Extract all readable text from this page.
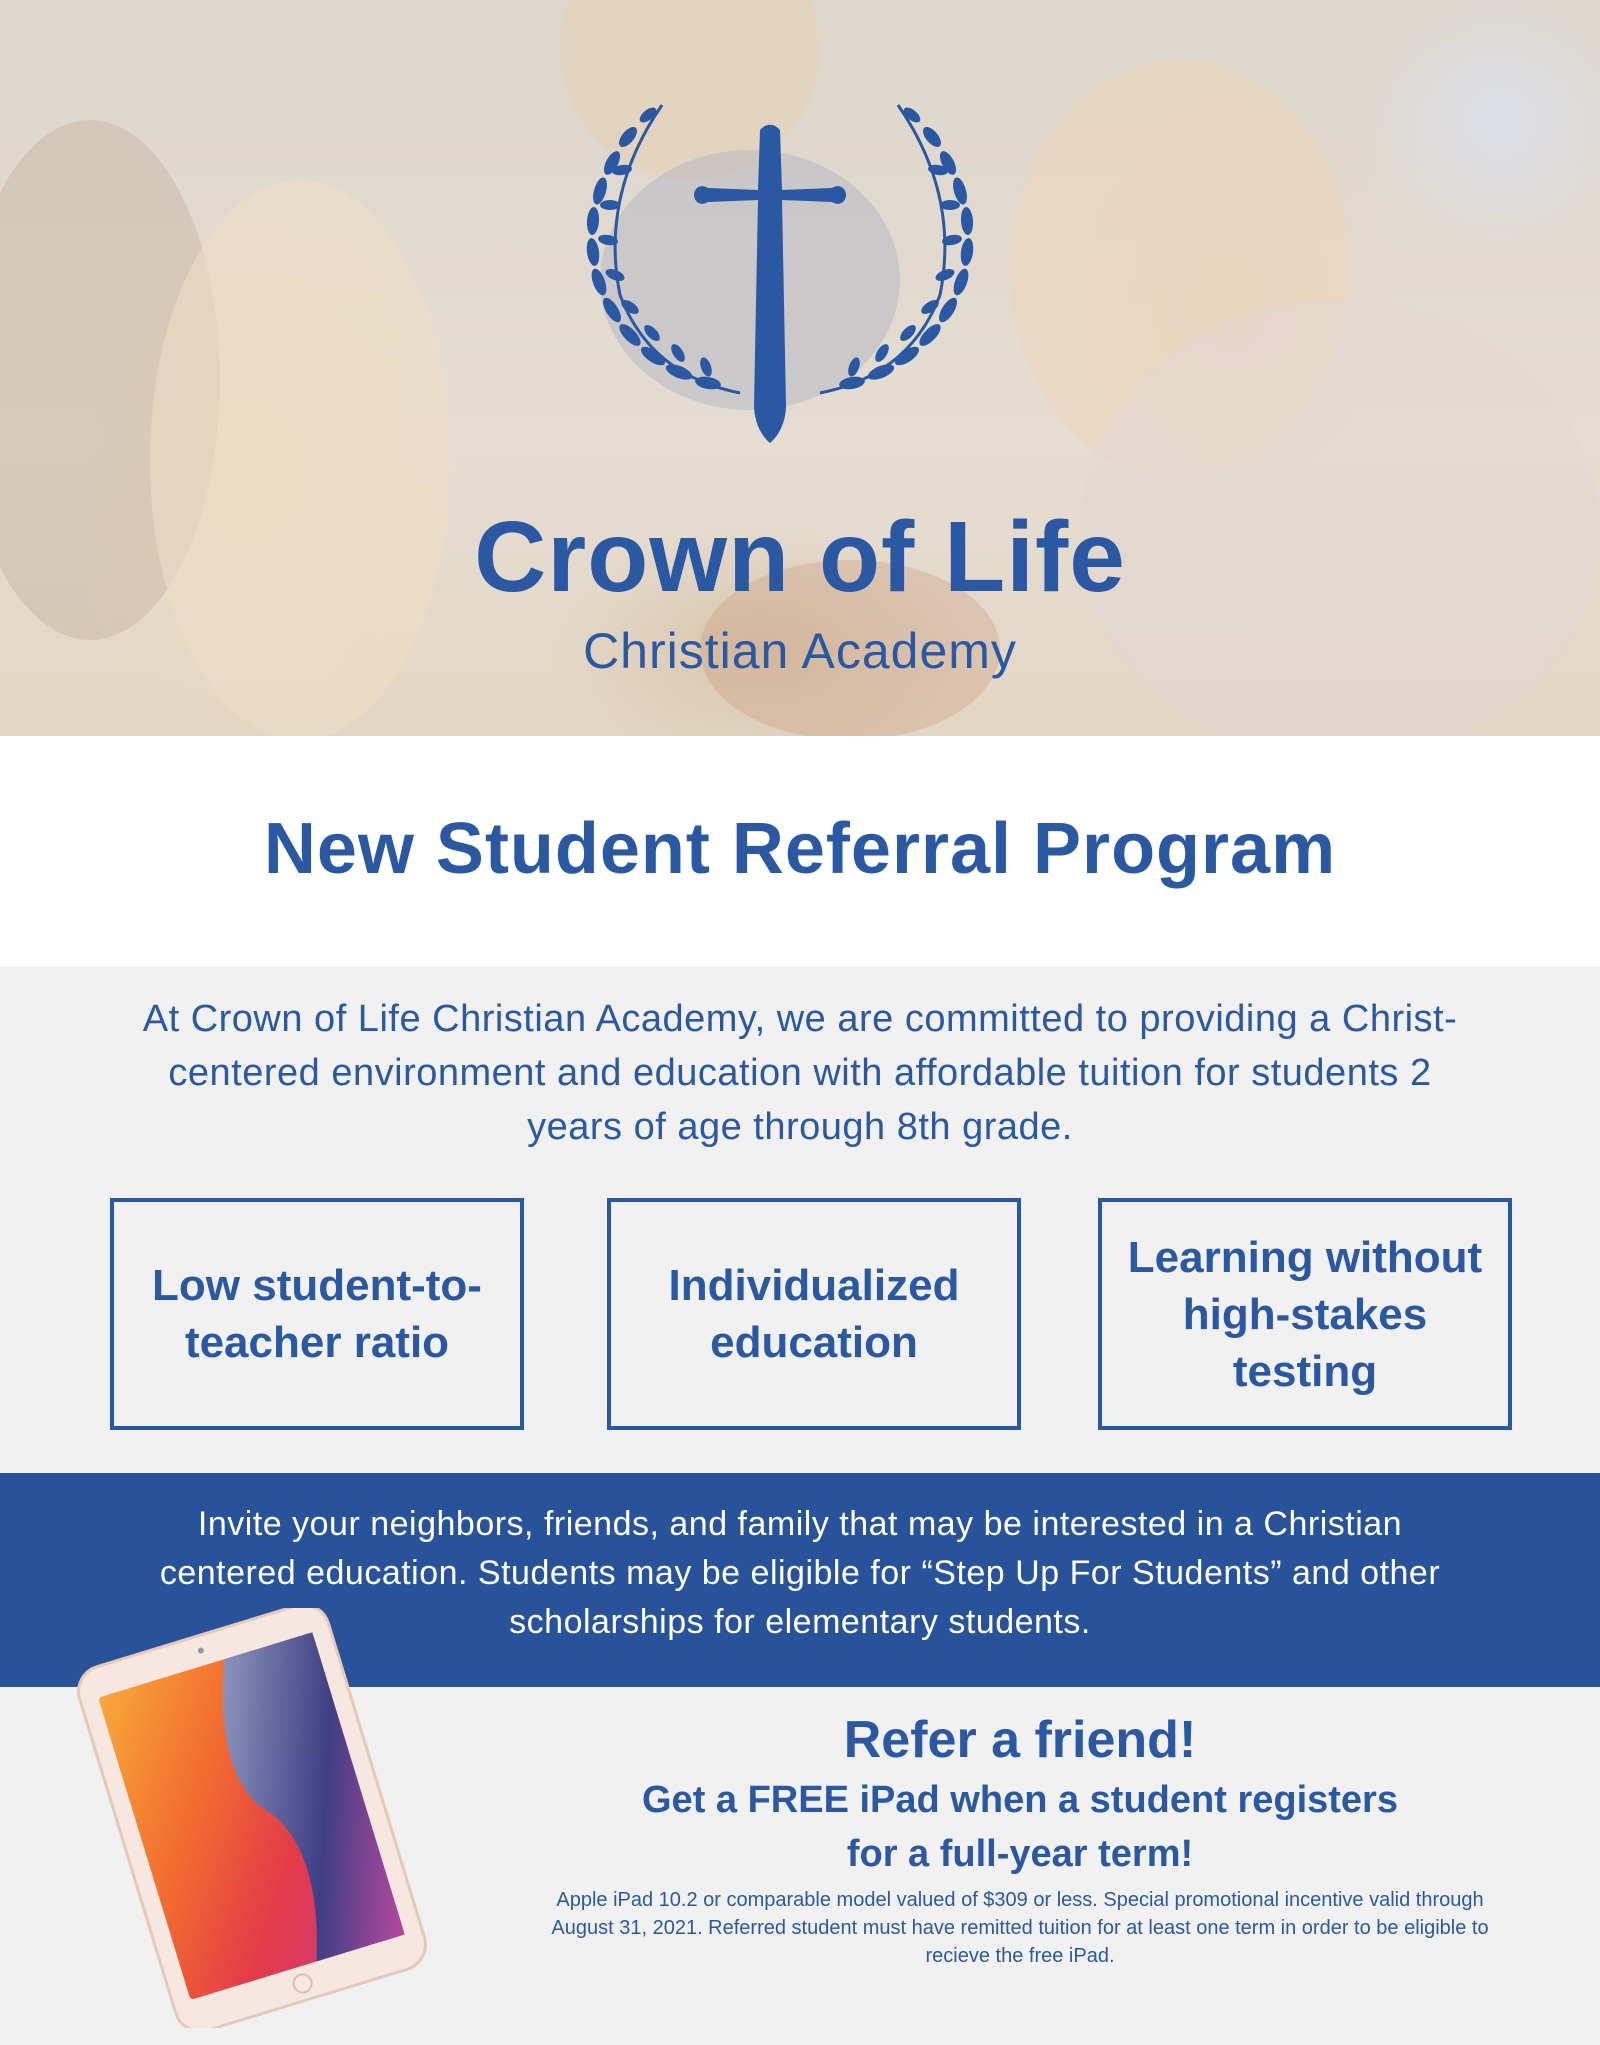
Crown of Life
Christian Academy
New Student Referral Program
At Crown of Life Christian Academy, we are committed to providing a Christ-centered environment and education with affordable tuition for students 2 years of age through 8th grade.
Low student-to-teacher ratio
Individualized education
Learning without high-stakes testing
Invite your neighbors, friends, and family that may be interested in a Christian centered education. Students may be eligible for “Step Up For Students” and other scholarships for elementary students.
Refer a friend!
Get a FREE iPad when a student registers for a full-year term!
Apple iPad 10.2 or comparable model valued of $309 or less. Special promotional incentive valid through August 31, 2021. Referred student must have remitted tuition for at least one term in order to be eligible to recieve the free iPad.
